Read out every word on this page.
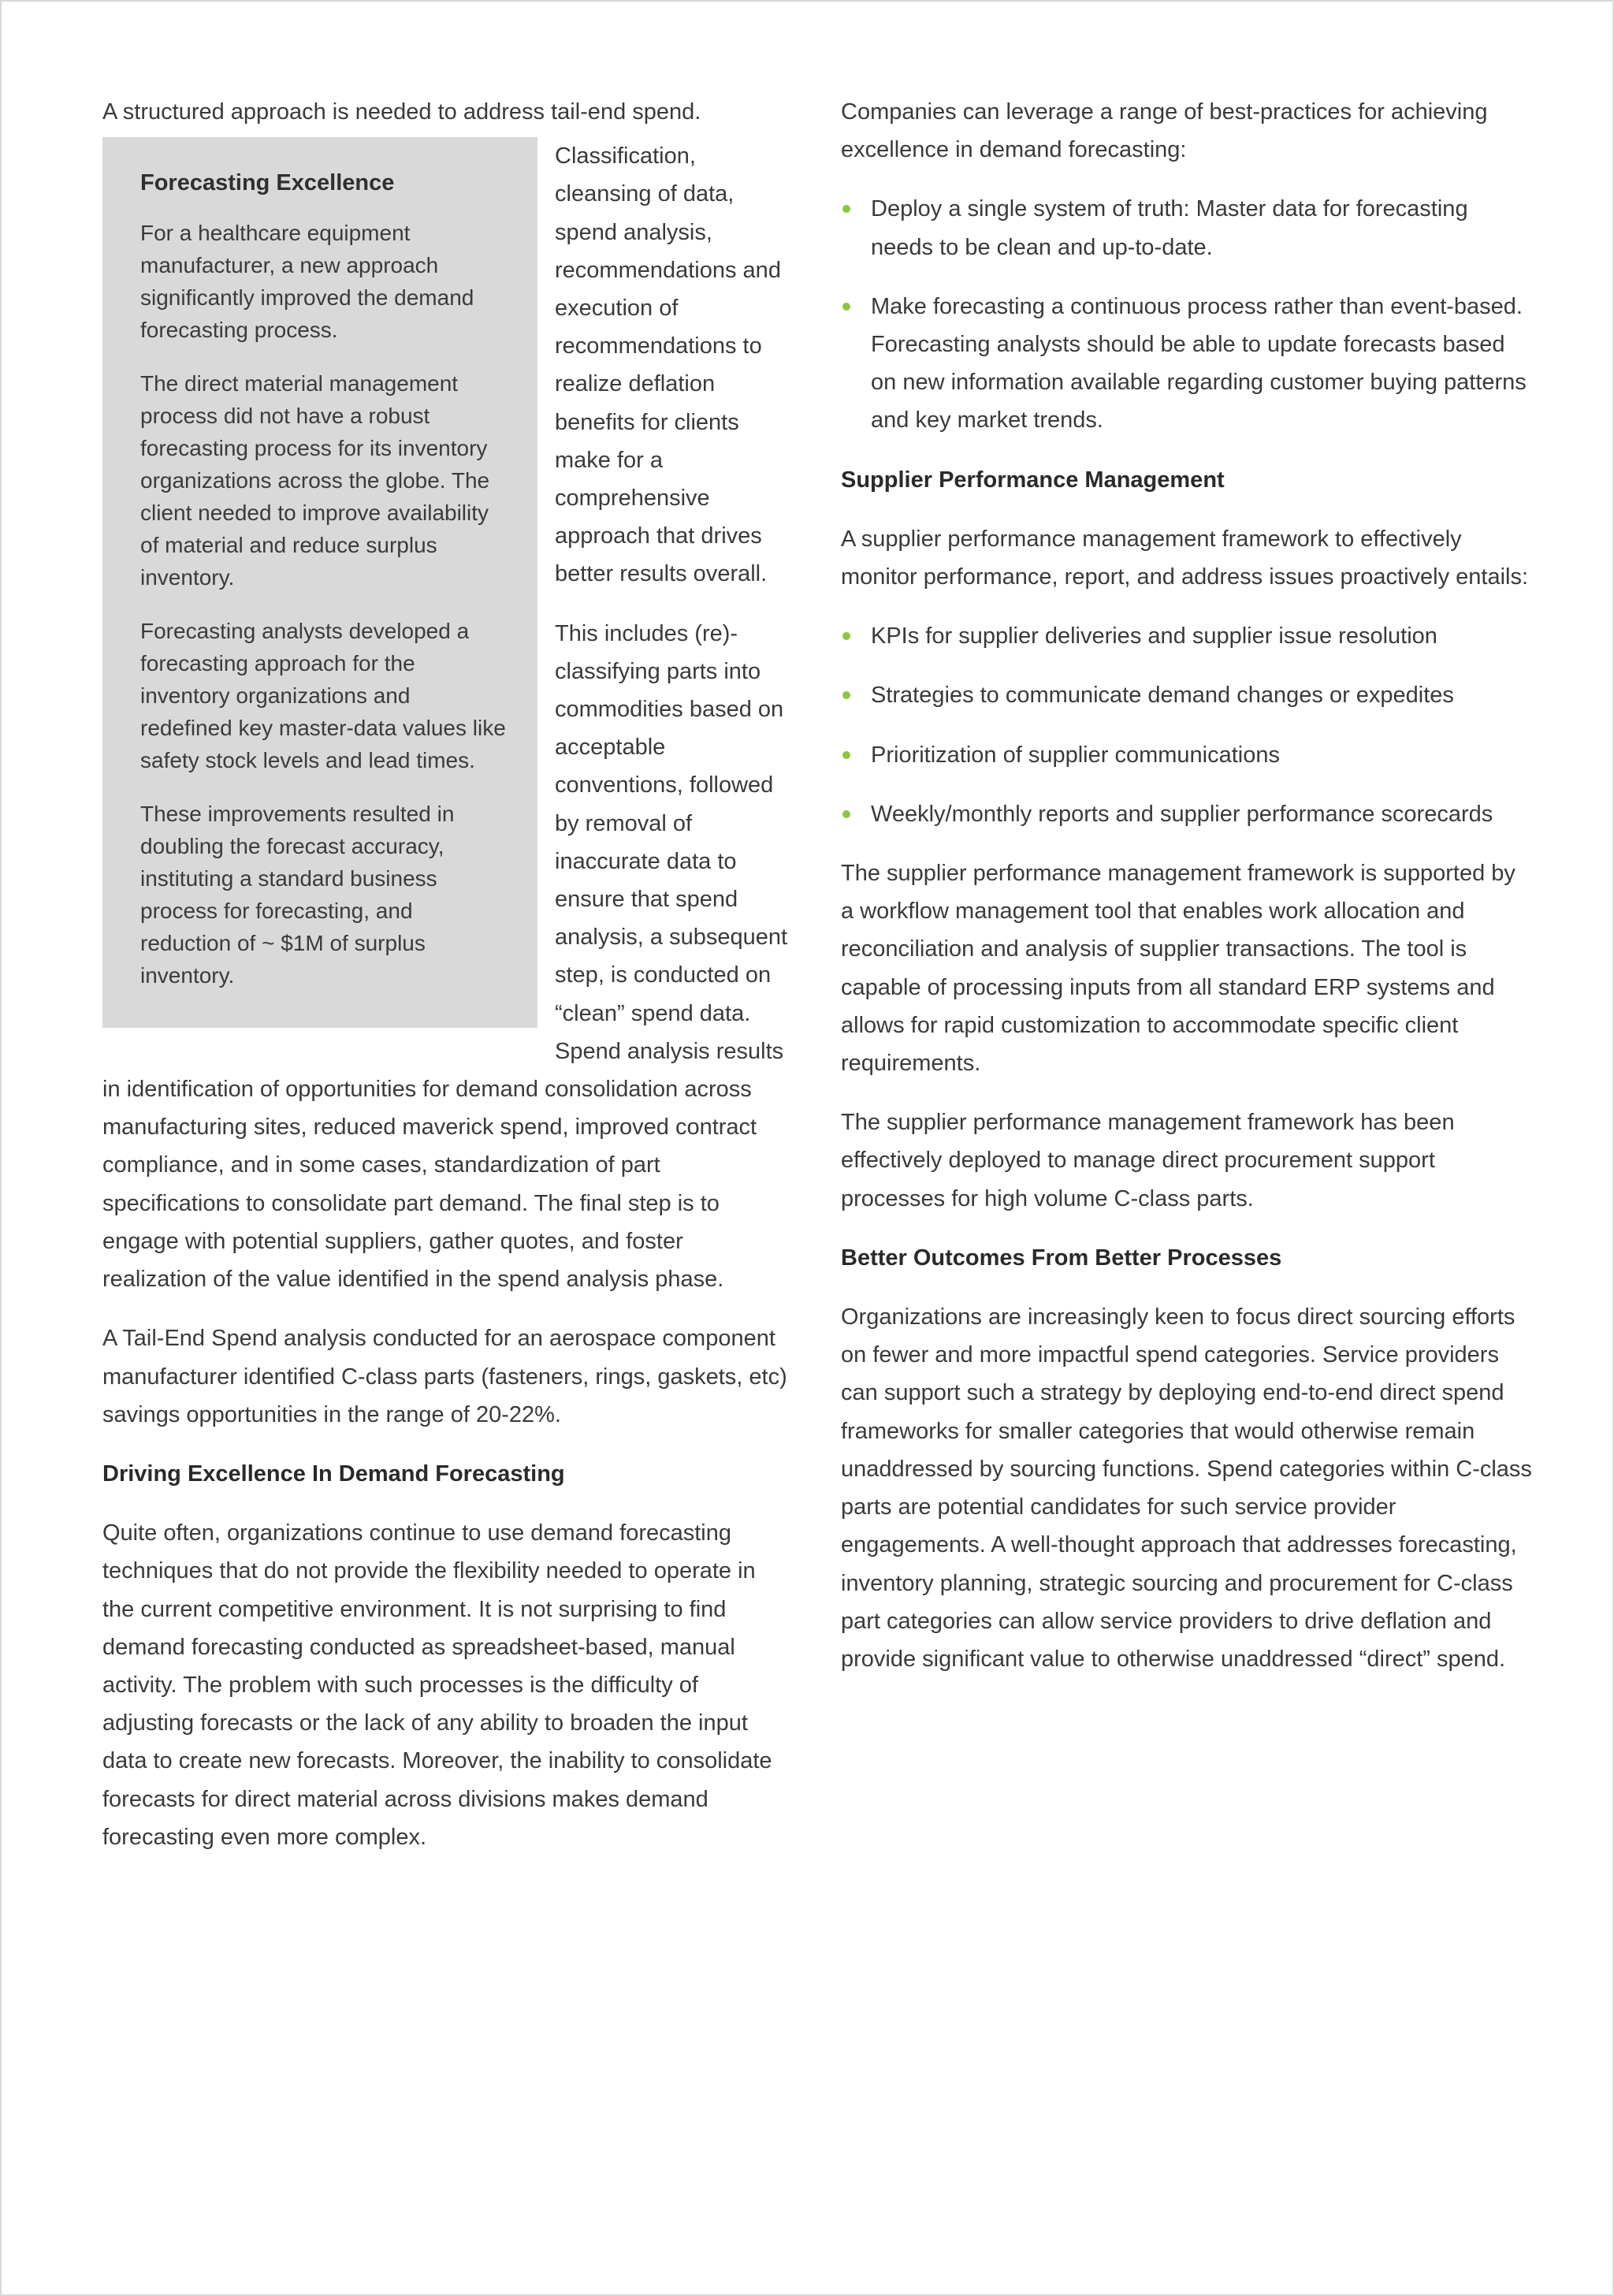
A structured approach is needed to address tail-end spend.

Forecasting Excellence

For a healthcare equipment manufacturer, a new approach significantly improved the demand forecasting process.

The direct material management process did not have a robust forecasting process for its inventory organizations across the globe. The client needed to improve availability of material and reduce surplus inventory.

Forecasting analysts developed a forecasting approach for the inventory organizations and redefined key master-data values like safety stock levels and lead times.

These improvements resulted in doubling the forecast accuracy, instituting a standard business process for forecasting, and reduction of ~ $1M of surplus inventory.

Classification, cleansing of data, spend analysis, recommendations and execution of recommendations to realize deflation benefits for clients make for a comprehensive approach that drives better results overall.

This includes (re)-classifying parts into commodities based on acceptable conventions, followed by removal of inaccurate data to ensure that spend analysis, a subsequent step, is conducted on “clean” spend data. Spend analysis results in identification of opportunities for demand consolidation across manufacturing sites, reduced maverick spend, improved contract compliance, and in some cases, standardization of part specifications to consolidate part demand. The final step is to engage with potential suppliers, gather quotes, and foster realization of the value identified in the spend analysis phase.

A Tail-End Spend analysis conducted for an aerospace component manufacturer identified C-class parts (fasteners, rings, gaskets, etc) savings opportunities in the range of 20-22%.

Driving Excellence In Demand Forecasting

Quite often, organizations continue to use demand forecasting techniques that do not provide the flexibility needed to operate in the current competitive environment. It is not surprising to find demand forecasting conducted as spreadsheet-based, manual activity. The problem with such processes is the difficulty of adjusting forecasts or the lack of any ability to broaden the input data to create new forecasts. Moreover, the inability to consolidate forecasts for direct material across divisions makes demand forecasting even more complex.

Companies can leverage a range of best-practices for achieving excellence in demand forecasting:

Deploy a single system of truth: Master data for forecasting needs to be clean and up-to-date.
Make forecasting a continuous process rather than event-based. Forecasting analysts should be able to update forecasts based on new information available regarding customer buying patterns and key market trends.
Supplier Performance Management

A supplier performance management framework to effectively monitor performance, report, and address issues proactively entails:

KPIs for supplier deliveries and supplier issue resolution
Strategies to communicate demand changes or expedites
Prioritization of supplier communications
Weekly/monthly reports and supplier performance scorecards

The supplier performance management framework is supported by a workflow management tool that enables work allocation and reconciliation and analysis of supplier transactions. The tool is capable of processing inputs from all standard ERP systems and allows for rapid customization to accommodate specific client requirements.

The supplier performance management framework has been effectively deployed to manage direct procurement support processes for high volume C-class parts.

Better Outcomes From Better Processes

Organizations are increasingly keen to focus direct sourcing efforts on fewer and more impactful spend categories. Service providers can support such a strategy by deploying end-to-end direct spend frameworks for smaller categories that would otherwise remain unaddressed by sourcing functions. Spend categories within C-class parts are potential candidates for such service provider engagements. A well-thought approach that addresses forecasting, inventory planning, strategic sourcing and procurement for C-class part categories can allow service providers to drive deflation and provide significant value to otherwise unaddressed “direct” spend.
